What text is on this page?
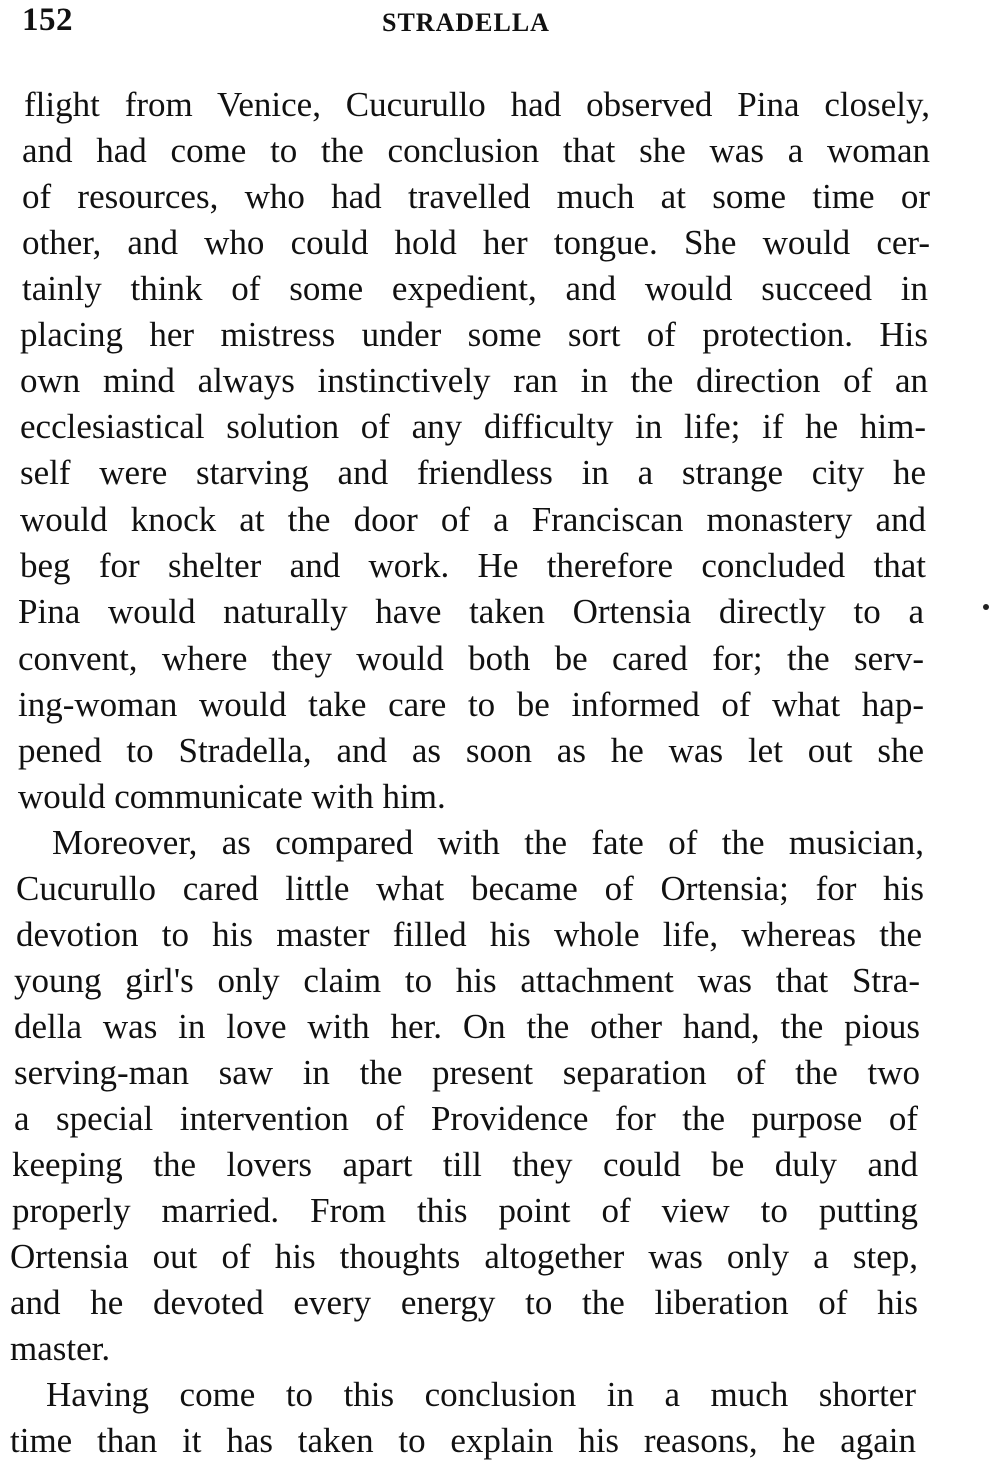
152	STRADELLA
flight from Venice, Cucurullo had observed Pina closely,
and had come to the conclusion that she was a woman
of resources, who had travelled much at some time or
other, and who could hold her tongue. She would cer-
tainly think of some expedient, and would succeed in
placing her mistress under some sort of protection. His
own mind always instinctively ran in the direction of an
ecclesiastical solution of any difficulty in life; if he him-
self were starving and friendless in a strange city he
would knock at the door of a Franciscan monastery and
beg for shelter and work. He therefore concluded that
Pina would naturally have taken Ortensia directly to a
convent, where they would both be cared for; the serv-
ing-woman would take care to be informed of what hap-
pened to Stradella, and as soon as he was let out she
would communicate with him.
Moreover, as compared with the fate of the musician,
Cucurullo cared little what became of Ortensia; for his
devotion to his master filled his whole life, whereas the
young girl's only claim to his attachment was that Stra-
della was in love with her. On the other hand, the pious
serving-man saw in the present separation of the two
a special intervention of Providence for the purpose of
keeping the lovers apart till they could be duly and
properly married. From this point of view to putting
Ortensia out of his thoughts altogether was only a step,
and he devoted every energy to the liberation of his
master.
Having come to this conclusion in a much shorter
time than it has taken to explain his reasons, he again
